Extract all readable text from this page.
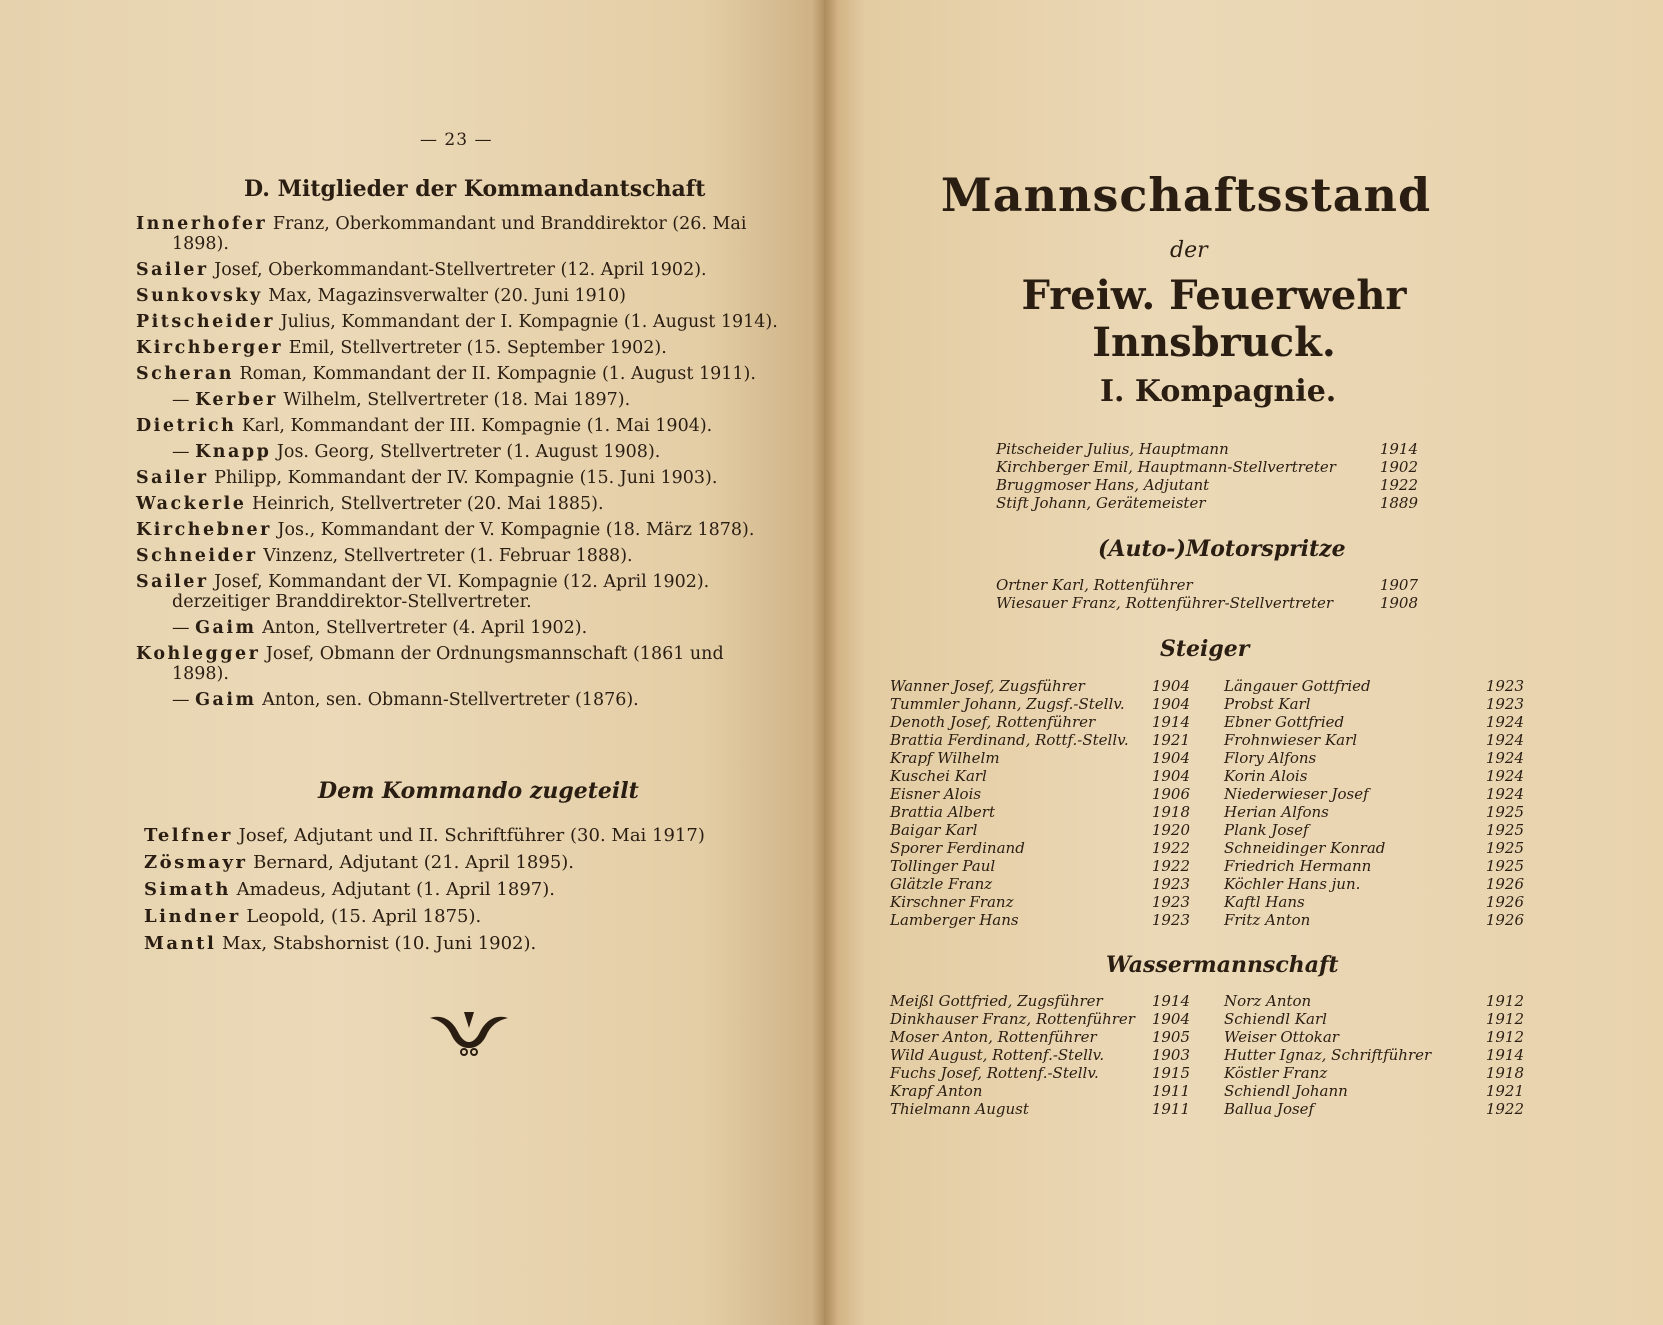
— 23 —
D. Mitglieder der Kommandantschaft
Innerhofer Franz, Oberkommandant und Branddirektor (26. Mai
1898).
Sailer Josef, Oberkommandant-Stellvertreter (12. April 1902).
Sunkovsky Max, Magazinsverwalter (20. Juni 1910)
Pitscheider Julius, Kommandant der I. Kompagnie (1. August 1914).
Kirchberger Emil, Stellvertreter (15. September 1902).
Scheran Roman, Kommandant der II. Kompagnie (1. August 1911).
— Kerber Wilhelm, Stellvertreter (18. Mai 1897).
Dietrich Karl, Kommandant der III. Kompagnie (1. Mai 1904).
— Knapp Jos. Georg, Stellvertreter (1. August 1908).
Sailer Philipp, Kommandant der IV. Kompagnie (15. Juni 1903).
Wackerle Heinrich, Stellvertreter (20. Mai 1885).
Kirchebner Jos., Kommandant der V. Kompagnie (18. März 1878).
Schneider Vinzenz, Stellvertreter (1. Februar 1888).
Sailer Josef, Kommandant der VI. Kompagnie (12. April 1902).
derzeitiger Branddirektor-Stellvertreter.
— Gaim Anton, Stellvertreter (4. April 1902).
Kohlegger Josef, Obmann der Ordnungsmannschaft (1861 und
1898).
— Gaim Anton, sen. Obmann-Stellvertreter (1876).
Dem Kommando zugeteilt
Telfner Josef, Adjutant und II. Schriftführer (30. Mai 1917)
Zösmayr Bernard, Adjutant (21. April 1895).
Simath Amadeus, Adjutant (1. April 1897).
Lindner Leopold, (15. April 1875).
Mantl Max, Stabshornist (10. Juni 1902).
Mannschaftsstand
der
Freiw. Feuerwehr Innsbruck.
I. Kompagnie.
Pitscheider Julius, Hauptmann	1914
Kirchberger Emil, Hauptmann-Stellvertreter	1902
Bruggmoser Hans, Adjutant	1922
Stift Johann, Gerätemeister	1889
(Auto-)Motorspritze
Ortner Karl, Rottenführer	1907
Wiesauer Franz, Rottenführer-Stellvertreter	1908
Steiger
Wanner Josef, Zugsführer	1904
Tummler Johann, Zugsf.-Stellv. 1904
Denoth Josef, Rottenführer	1914
Brattia Ferdinand, Rottf.-Stellv. 1921
Krapf Wilhelm	1904
Kuschei Karl	1904
Eisner Alois	1906
Brattia Albert	1918
Baigar Karl	1920
Sporer Ferdinand	1922
Tollinger Paul	1922
Glätzle Franz	1923
Kirschner Franz	1923
Lamberger Hans	1923
Längauer Gottfried	1923
Probst Karl	1923
Ebner Gottfried	1924
Frohnwieser Karl	1924
Flory Alfons	1924
Korin Alois	1924
Niederwieser Josef	1924
Herian Alfons	1925
Plank Josef	1925
Schneidinger Konrad	1925
Friedrich Hermann	1925
Köchler Hans jun.	1926
Kaftl Hans	1926
Fritz Anton	1926
Wassermannschaft
Meißl Gottfried, Zugsführer	1914
Dinkhauser Franz, Rottenführer 1904
Moser Anton, Rottenführer	1905
Wild August, Rottenf.-Stellv.	1903
Fuchs Josef, Rottenf.-Stellv.	1915
Krapf Anton	1911
Thielmann August	1911
Norz Anton	1912
Schiendl Karl	1912
Weiser Ottokar	1912
Hutter Ignaz, Schriftführer	1914
Köstler Franz	1918
Schiendl Johann	1921
Ballua Josef	1922
